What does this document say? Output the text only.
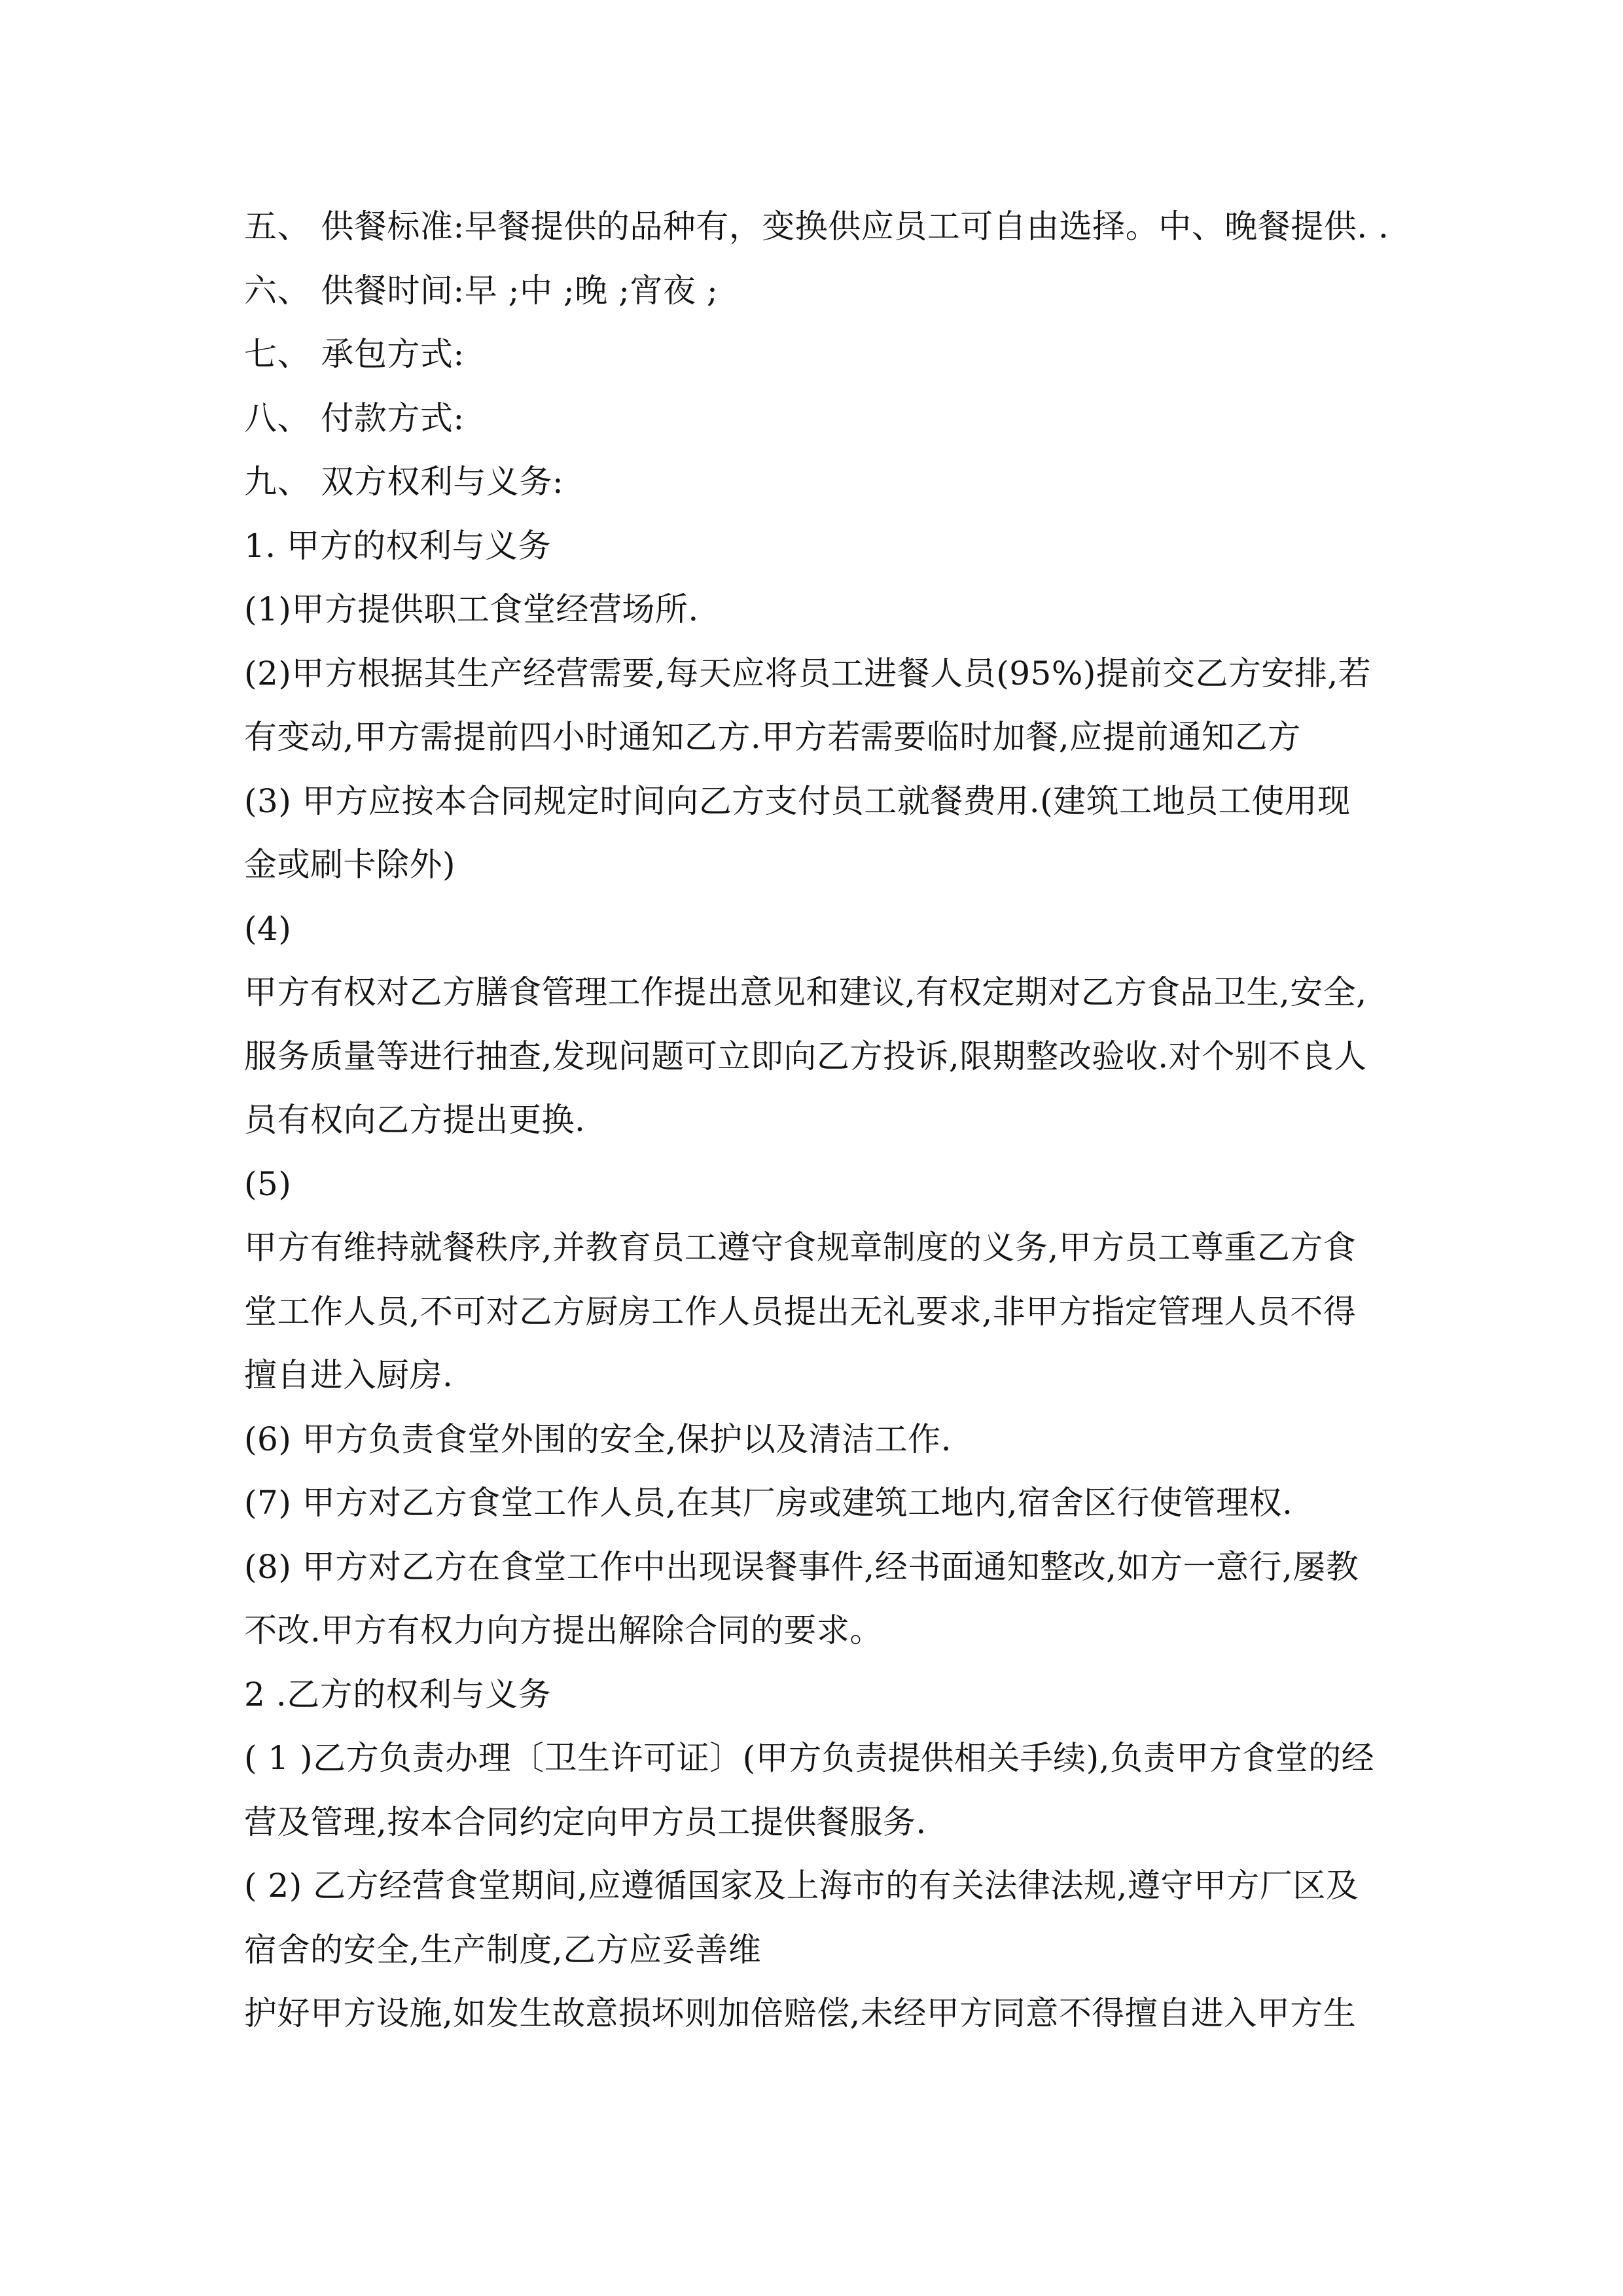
五、 供餐标准:早餐提供的品种有，变换供应员工可自由选择。中、晚餐提供. .
六、 供餐时间:早 ;中 ;晚 ;宵夜 ;
七、 承包方式:
八、 付款方式:
九、 双方权利与义务:
1. 甲方的权利与义务
(1)甲方提供职工食堂经营场所.
(2)甲方根据其生产经营需要,每天应将员工进餐人员(95%)提前交乙方安排,若
有变动,甲方需提前四小时通知乙方.甲方若需要临时加餐,应提前通知乙方
(3) 甲方应按本合同规定时间向乙方支付员工就餐费用.(建筑工地员工使用现
金或刷卡除外)
(4)
甲方有权对乙方膳食管理工作提出意见和建议,有权定期对乙方食品卫生,安全,
服务质量等进行抽查,发现问题可立即向乙方投诉,限期整改验收.对个别不良人
员有权向乙方提出更换.
(5)
甲方有维持就餐秩序,并教育员工遵守食规章制度的义务,甲方员工尊重乙方食
堂工作人员,不可对乙方厨房工作人员提出无礼要求,非甲方指定管理人员不得
擅自进入厨房.
(6) 甲方负责食堂外围的安全,保护以及清洁工作.
(7) 甲方对乙方食堂工作人员,在其厂房或建筑工地内,宿舍区行使管理权.
(8) 甲方对乙方在食堂工作中出现误餐事件,经书面通知整改,如方一意行,屡教
不改.甲方有权力向方提出解除合同的要求。
2 .乙方的权利与义务
( 1 )乙方负责办理〔卫生许可证〕(甲方负责提供相关手续),负责甲方食堂的经
营及管理,按本合同约定向甲方员工提供餐服务.
( 2) 乙方经营食堂期间,应遵循国家及上海市的有关法律法规,遵守甲方厂区及
宿舍的安全,生产制度,乙方应妥善维
护好甲方设施,如发生故意损坏则加倍赔偿,未经甲方同意不得擅自进入甲方生
